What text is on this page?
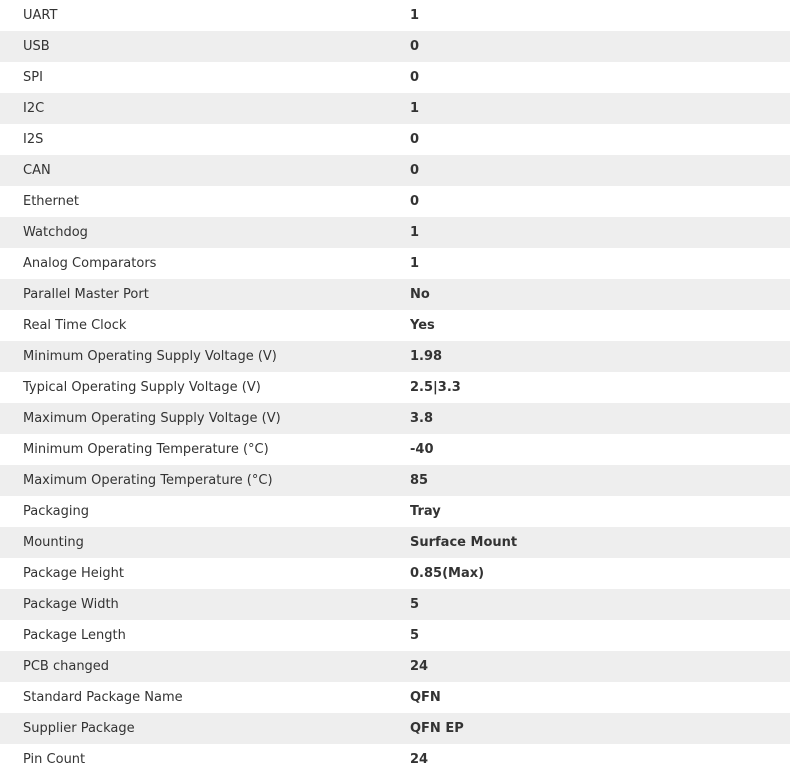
UART	1
USB	0
SPI	0
I2C	1
I2S	0
CAN	0
Ethernet	0
Watchdog	1
Analog Comparators	1
Parallel Master Port	No
Real Time Clock	Yes
Minimum Operating Supply Voltage (V)	1.98
Typical Operating Supply Voltage (V)	2.5|3.3
Maximum Operating Supply Voltage (V)	3.8
Minimum Operating Temperature (°C)	-40
Maximum Operating Temperature (°C)	85
Packaging	Tray
Mounting	Surface Mount
Package Height	0.85(Max)
Package Width	5
Package Length	5
PCB changed	24
Standard Package Name	QFN
Supplier Package	QFN EP
Pin Count	24
